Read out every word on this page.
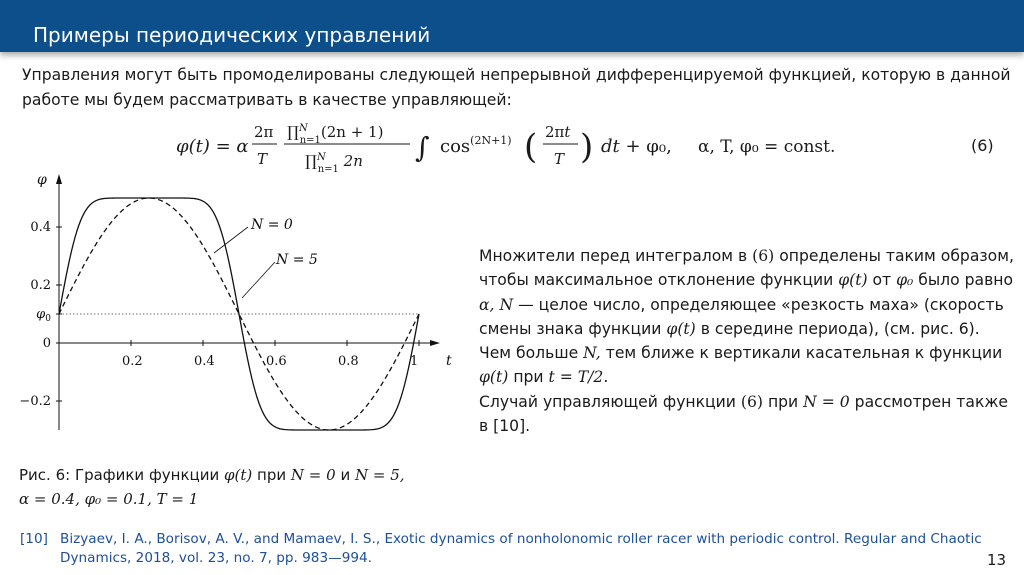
Примеры периодических управлений
Управления могут быть промоделированы следующей непрерывной дифференцируемой функцией, которую в данной работе мы будем рассматривать в качестве управляющей:
φ(t) = α
2π
T
∏$^N$ n=1(2n + 1)
∏$^N$ n=1 2n ∫ $\cos^{(2N+1)}$ ( 2πt
T ) dt + φ₀, α, T, φ₀ = const.	(6)
0.2	0.4	0.6	0.8	1
0.4
0.2
$\varphi_0$
0
−0.2
φ
t
N = 0
N = 5
Рис. 6: Графики функции φ(t) при N = 0 и N = 5,
α = 0.4, φ₀ = 0.1, T = 1

Множители перед интегралом в (6) определены таким образом, чтобы максимальное отклонение функции φ(t) от φ₀ было равно α, N — целое число, определяющее «резкость маха» (скорость смены знака функции φ(t) в середине периода), (см. рис. 6).

Чем больше N, тем ближе к вертикали касательная к функции φ(t) при t = T/2.

Случай управляющей функции (6) при N = 0 рассмотрен также в [10].

[10] Bizyaev, I. A., Borisov, A. V., and Mamaev, I. S., Exotic dynamics of nonholonomic roller racer with periodic control. Regular and Chaotic Dynamics, 2018, vol. 23, no. 7, pp. 983—994.	13
